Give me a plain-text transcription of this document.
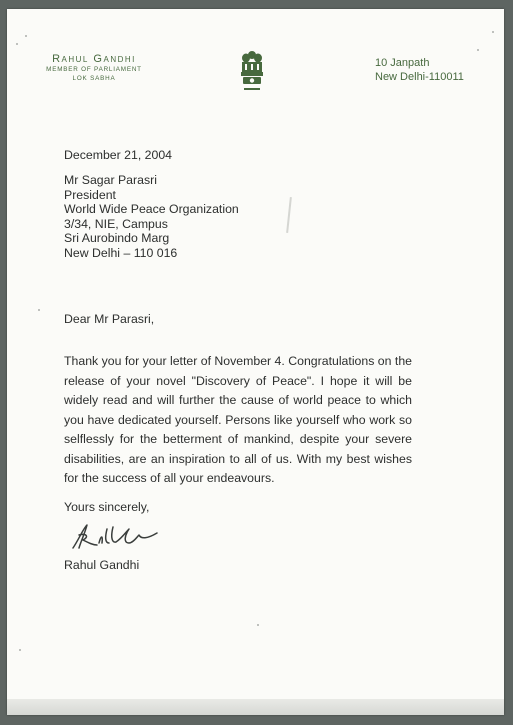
Rahul Gandhi
MEMBER OF PARLIAMENT
LOK SABHA
10 Janpath
New Delhi-110011
December 21, 2004
Mr Sagar Parasri
President
World Wide Peace Organization
3/34, NIE, Campus
Sri Aurobindo Marg
New Delhi – 110 016
Dear Mr Parasri,
Thank you for your letter of November 4. Congratulations on the release of your novel "Discovery of Peace". I hope it will be widely read and will further the cause of world peace to which you have dedicated yourself. Persons like yourself who work so selflessly for the betterment of mankind, despite your severe disabilities, are an inspiration to all of us. With my best wishes for the success of all your endeavours.
Yours sincerely,
Rahul Gandhi
